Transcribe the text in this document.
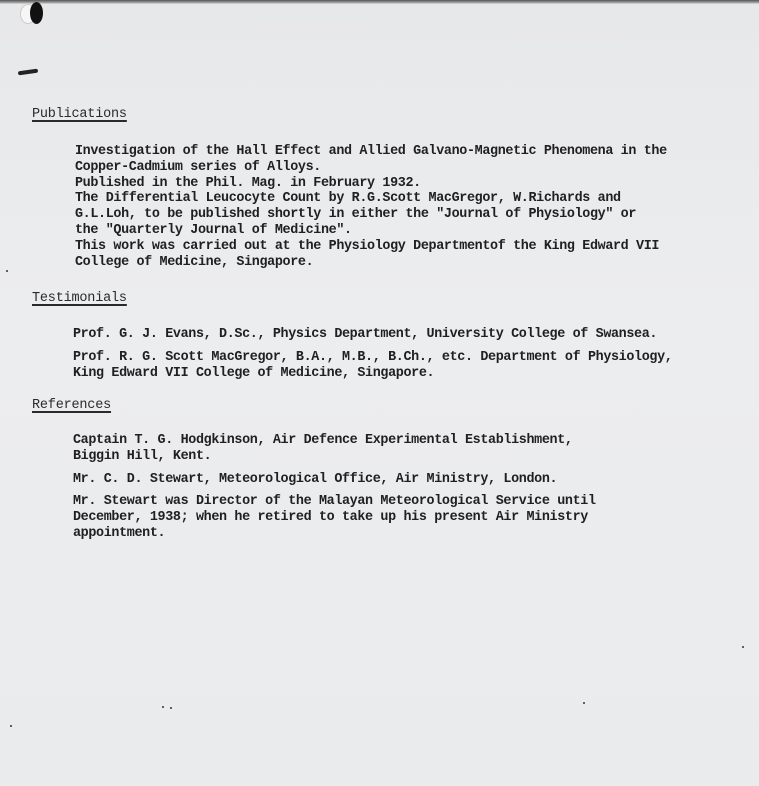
Publications
Investigation of the Hall Effect and Allied Galvano-Magnetic Phenomena in the
Copper-Cadmium series of Alloys.
Published in the Phil. Mag. in February 1932.
The Differential Leucocyte Count by R.G.Scott MacGregor, W.Richards and
G.L.Loh, to be published shortly in either the "Journal of Physiology" or
the "Quarterly Journal of Medicine".
This work was carried out at the Physiology Departmentof the King Edward VII
College of Medicine, Singapore.
Testimonials
Prof. G. J. Evans, D.Sc., Physics Department, University College of Swansea.
Prof. R. G. Scott MacGregor, B.A., M.B., B.Ch., etc. Department of Physiology,
King Edward VII College of Medicine, Singapore.
References
Captain T. G. Hodgkinson, Air Defence Experimental Establishment,
Biggin Hill, Kent.
Mr. C. D. Stewart, Meteorological Office, Air Ministry, London.
Mr. Stewart was Director of the Malayan Meteorological Service until
December, 1938; when he retired to take up his present Air Ministry
appointment.
